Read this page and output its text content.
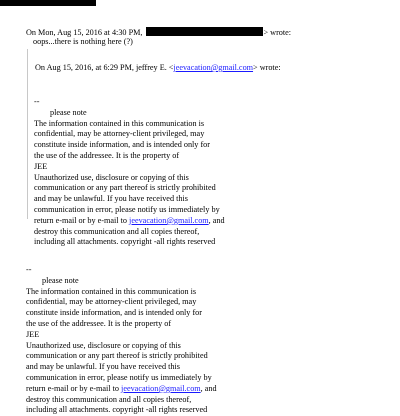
On Mon, Aug 15, 2016 at 4:30 PM,	> wrote:
oops...there is nothing here (?)
On Aug 15, 2016, at 6:29 PM, jeffrey E. <jeevacation@gmail.com> wrote:
--
please note
The information contained in this communication is
confidential, may be attorney-client privileged, may
constitute inside information, and is intended only for
the use of the addressee. It is the property of
JEE
Unauthorized use, disclosure or copying of this
communication or any part thereof is strictly prohibited
and may be unlawful. If you have received this
communication in error, please notify us immediately by
return e-mail or by e-mail to jeevacation@gmail.com, and
destroy this communication and all copies thereof,
including all attachments. copyright -all rights reserved
--
please note
The information contained in this communication is
confidential, may be attorney-client privileged, may
constitute inside information, and is intended only for
the use of the addressee. It is the property of
JEE
Unauthorized use, disclosure or copying of this
communication or any part thereof is strictly prohibited
and may be unlawful. If you have received this
communication in error, please notify us immediately by
return e-mail or by e-mail to jeevacation@gmail.com, and
destroy this communication and all copies thereof,
including all attachments. copyright -all rights reserved
